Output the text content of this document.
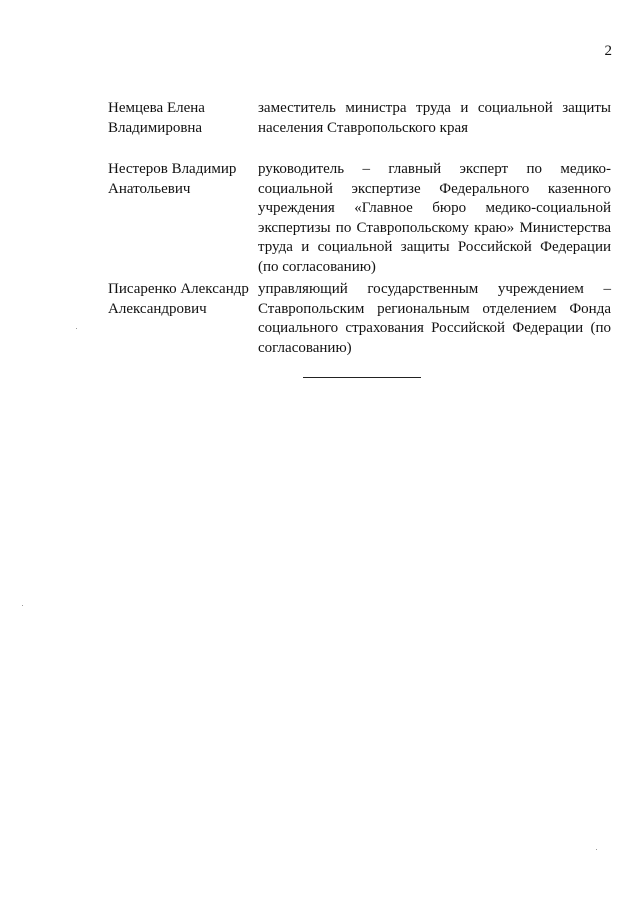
2
Немцева Елена Владимировна
заместитель министра труда и социальной защиты населения Ставропольского края
Нестеров Владимир Анатольевич
руководитель – главный эксперт по медико-социальной экспертизе Федерального казенного учреждения «Главное бюро медико-социальной экспертизы по Ставропольскому краю» Министерства труда и социальной защиты Российской Федерации (по согласованию)
Писаренко Александр Александрович
управляющий государственным учреждением – Ставропольским региональным отделением Фонда социального страхования Российской Федерации (по согласованию)
